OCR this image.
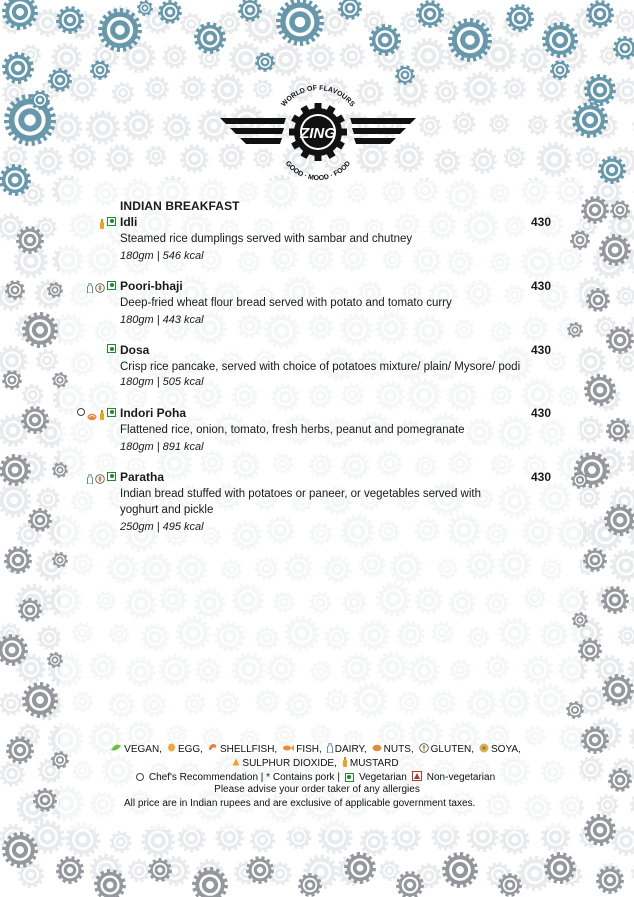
ZING
WORLD OF FLAVOURS
GOOD · MOOD · FOOD
INDIAN BREAKFAST
Idli	430
Steamed rice dumplings served with sambar and chutney
180gm | 546 kcal
Poori-bhaji	430
Deep-fried wheat flour bread served with potato and tomato curry
180gm | 443 kcal
Dosa	430
Crisp rice pancake, served with choice of potatoes mixture/ plain/ Mysore/ podi
180gm | 505 kcal
Indori Poha	430
Flattened rice, onion, tomato, fresh herbs, peanut and pomegranate
180gm | 891 kcal
Paratha	430
Indian bread stuffed with potatoes or paneer, or vegetables served with yoghurt and pickle
250gm | 495 kcal
VEGAN, EGG, SHELLFISH, FISH, DAIRY, NUTS, GLUTEN, SOYA,
SULPHUR DIOXIDE, MUSTARD
Chef's Recommendation | * Contains pork | Vegetarian Non-vegetarian
Please advise your order taker of any allergies
All price are in Indian rupees and are exclusive of applicable government taxes.
